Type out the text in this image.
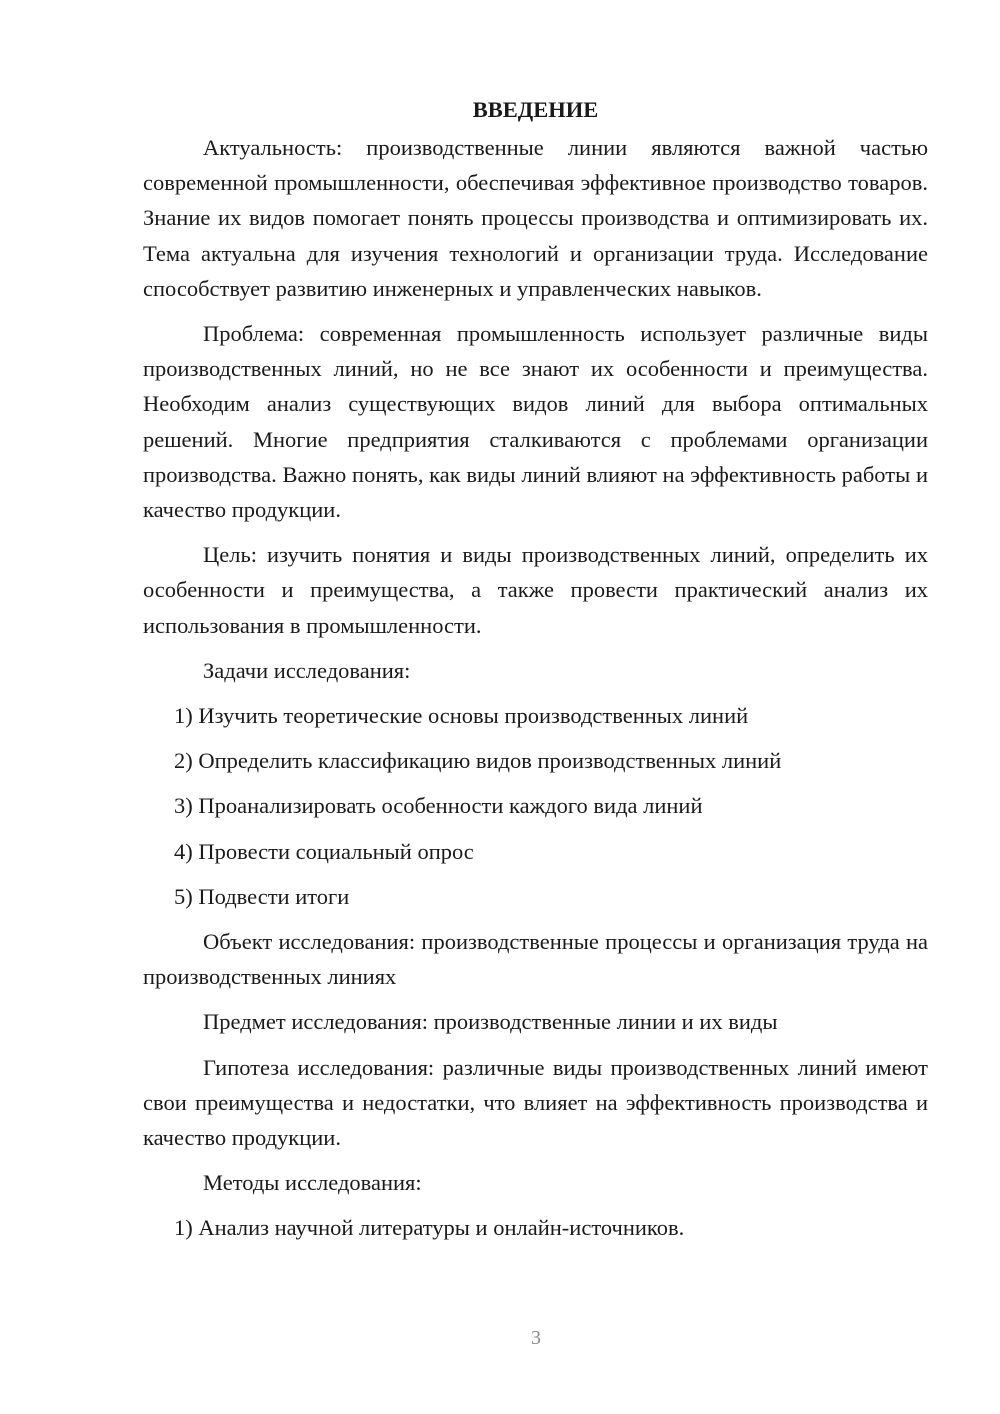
ВВЕДЕНИЕ

Актуальность: производственные линии являются важной частью современной промышленности, обеспечивая эффективное производство товаров. Знание их видов помогает понять процессы производства и оптимизировать их. Тема актуальна для изучения технологий и организации труда. Исследование способствует развитию инженерных и управленческих навыков.

Проблема: современная промышленность использует различные виды производственных линий, но не все знают их особенности и преимущества. Необходим анализ существующих видов линий для выбора оптимальных решений. Многие предприятия сталкиваются с проблемами организации производства. Важно понять, как виды линий влияют на эффективность работы и качество продукции.

Цель: изучить понятия и виды производственных линий, определить их особенности и преимущества, а также провести практический анализ их использования в промышленности.

Задачи исследования:

1) Изучить теоретические основы производственных линий

2) Определить классификацию видов производственных линий

3) Проанализировать особенности каждого вида линий

4) Провести социальный опрос

5) Подвести итоги

Объект исследования: производственные процессы и организация труда на производственных линиях

Предмет исследования: производственные линии и их виды

Гипотеза исследования: различные виды производственных линий имеют свои преимущества и недостатки, что влияет на эффективность производства и качество продукции.

Методы исследования:

1) Анализ научной литературы и онлайн-источников.

3
